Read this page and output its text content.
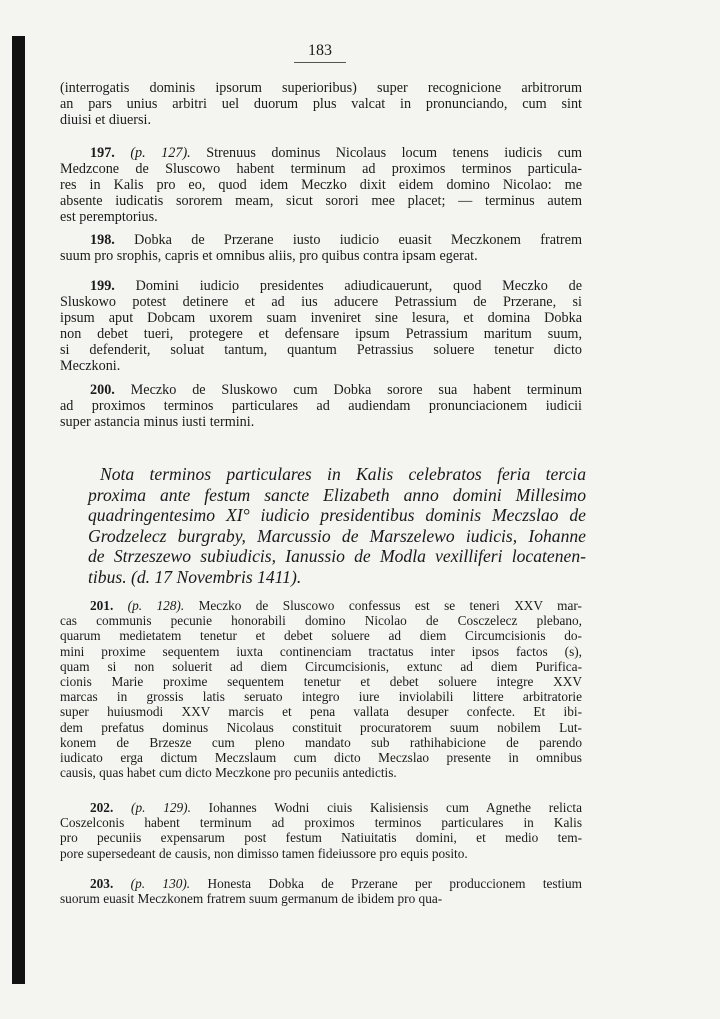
183
(interrogatis dominis ipsorum superioribus) super recognicione arbitrorum
an pars unius arbitri uel duorum plus valcat in pronunciando, cum sint
diuisi et diuersi.
197. (p. 127). Strenuus dominus Nicolaus locum tenens iudicis cum
Medzcone de Sluscowo habent terminum ad proximos terminos particula-
res in Kalis pro eo, quod idem Meczko dixit eidem domino Nicolao: me
absente iudicatis sororem meam, sicut sorori mee placet; — terminus autem
est peremptorius.
198. Dobka de Przerane iusto iudicio euasit Meczkonem fratrem
suum pro srophis, capris et omnibus aliis, pro quibus contra ipsam egerat.
199. Domini iudicio presidentes adiudicauerunt, quod Meczko de
Sluskowo potest detinere et ad ius aducere Petrassium de Przerane, si
ipsum aput Dobcam uxorem suam inveniret sine lesura, et domina Dobka
non debet tueri, protegere et defensare ipsum Petrassium maritum suum,
si defenderit, soluat tantum, quantum Petrassius soluere tenetur dicto
Meczkoni.
200. Meczko de Sluskowo cum Dobka sorore sua habent terminum
ad proximos terminos particulares ad audiendam pronunciacionem iudicii
super astancia minus iusti termini.
Nota terminos particulares in Kalis celebratos feria tercia
proxima ante festum sancte Elizabeth anno domini Millesimo
quadringentesimo XI° iudicio presidentibus dominis Meczslao de
Grodzelecz burgraby, Marcussio de Marszelewo iudicis, Iohanne
de Strzeszewo subiudicis, Ianussio de Modla vexilliferi locatenen-
tibus. (d. 17 Novembris 1411).
201. (p. 128). Meczko de Sluscowo confessus est se teneri XXV mar-
cas communis pecunie honorabili domino Nicolao de Cosczelecz plebano,
quarum medietatem tenetur et debet soluere ad diem Circumcisionis do-
mini proxime sequentem iuxta continenciam tractatus inter ipsos factos (s),
quam si non soluerit ad diem Circumcisionis, extunc ad diem Purifica-
cionis Marie proxime sequentem tenetur et debet soluere integre XXV
marcas in grossis latis seruato integro iure inviolabili littere arbitratorie
super huiusmodi XXV marcis et pena vallata desuper confecte. Et ibi-
dem prefatus dominus Nicolaus constituit procuratorem suum nobilem Lut-
konem de Brzesze cum pleno mandato sub rathihabicione de parendo
iudicato erga dictum Meczslaum cum dicto Meczslao presente in omnibus
causis, quas habet cum dicto Meczkone pro pecuniis antedictis.
202. (p. 129). Iohannes Wodni ciuis Kalisiensis cum Agnethe relicta
Coszelconis habent terminum ad proximos terminos particulares in Kalis
pro pecuniis expensarum post festum Natiuitatis domini, et medio tem-
pore supersedeant de causis, non dimisso tamen fideiussore pro equis posito.
203. (p. 130). Honesta Dobka de Przerane per produccionem testium
suorum euasit Meczkonem fratrem suum germanum de ibidem pro qua-
